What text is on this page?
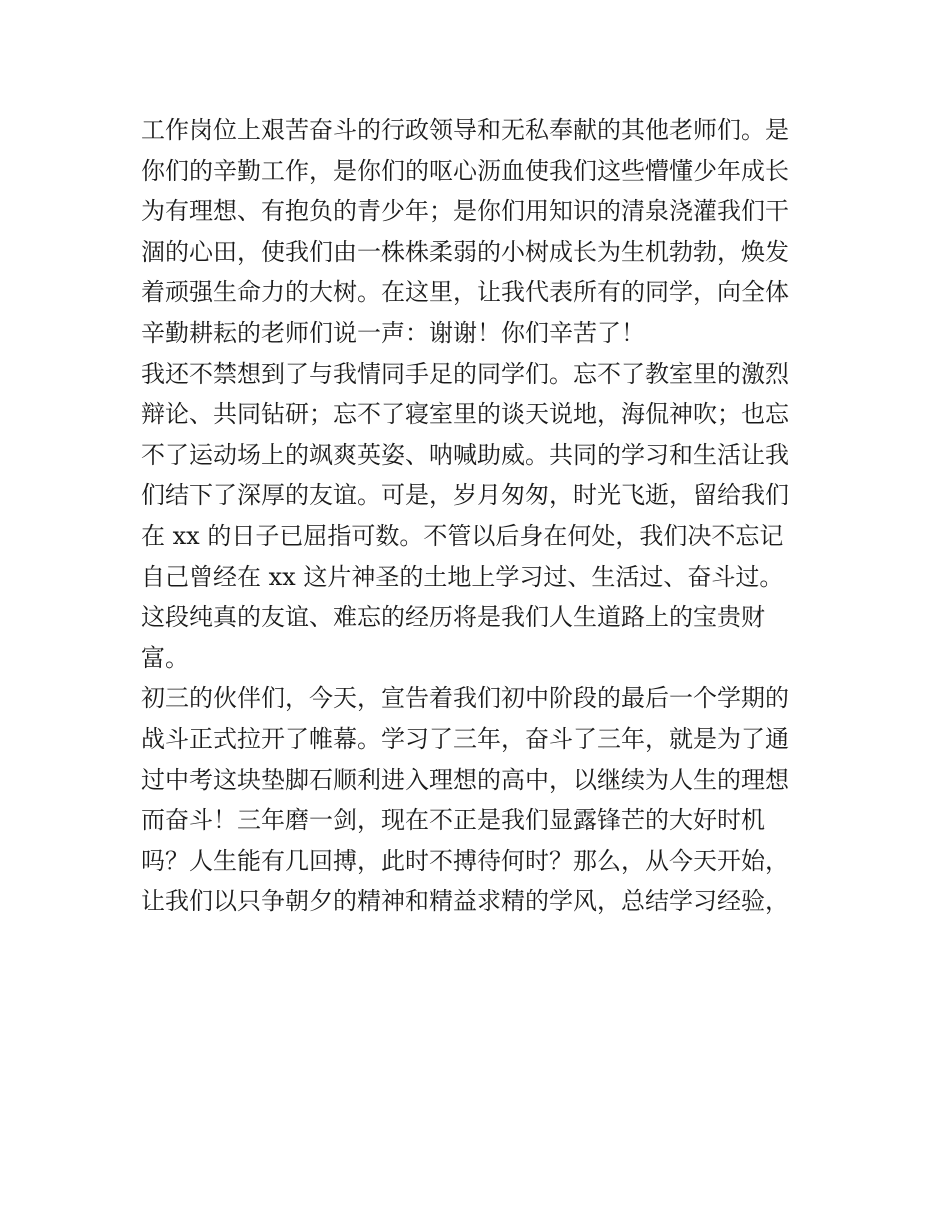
工作岗位上艰苦奋斗的行政领导和无私奉献的其他老师们。是
你们的辛勤工作，是你们的呕心沥血使我们这些懵懂少年成长
为有理想、有抱负的青少年；是你们用知识的清泉浇灌我们干
涸的心田，使我们由一株株柔弱的小树成长为生机勃勃，焕发
着顽强生命力的大树。在这里，让我代表所有的同学，向全体
辛勤耕耘的老师们说一声：谢谢！你们辛苦了！
我还不禁想到了与我情同手足的同学们。忘不了教室里的激烈
辩论、共同钻研；忘不了寝室里的谈天说地，海侃神吹；也忘
不了运动场上的飒爽英姿、呐喊助威。共同的学习和生活让我
们结下了深厚的友谊。可是，岁月匆匆，时光飞逝，留给我们
在 xx 的日子已屈指可数。不管以后身在何处，我们决不忘记
自己曾经在 xx 这片神圣的土地上学习过、生活过、奋斗过。
这段纯真的友谊、难忘的经历将是我们人生道路上的宝贵财
富。
初三的伙伴们，今天，宣告着我们初中阶段的最后一个学期的
战斗正式拉开了帷幕。学习了三年，奋斗了三年，就是为了通
过中考这块垫脚石顺利进入理想的高中，以继续为人生的理想
而奋斗！三年磨一剑，现在不正是我们显露锋芒的大好时机
吗？人生能有几回搏，此时不搏待何时？那么，从今天开始，
让我们以只争朝夕的精神和精益求精的学风，总结学习经验，
